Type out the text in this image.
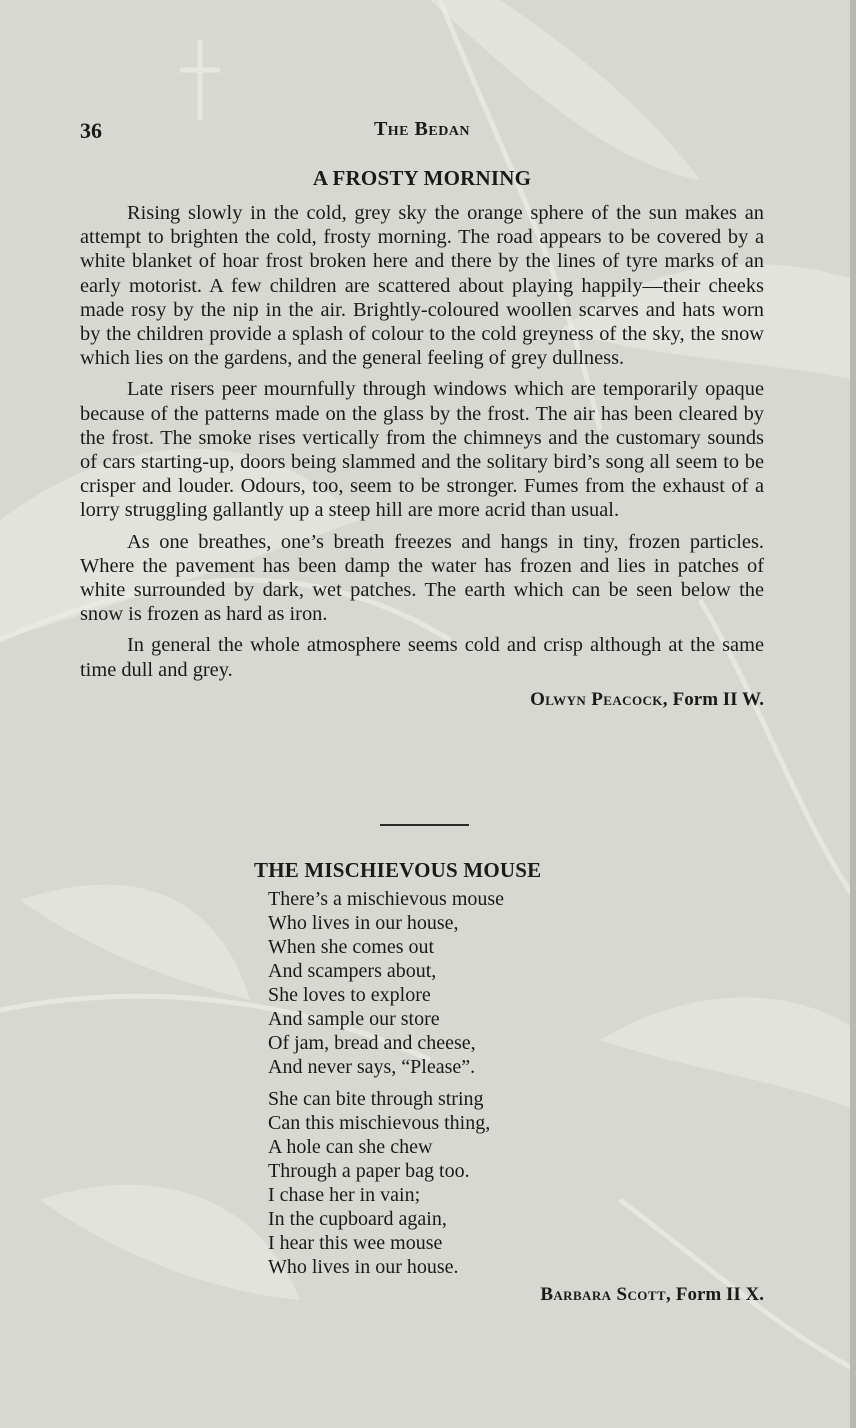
36	The Bedan
A FROSTY MORNING

Rising slowly in the cold, grey sky the orange sphere of the sun makes an attempt to brighten the cold, frosty morning. The road appears to be covered by a white blanket of hoar frost broken here and there by the lines of tyre marks of an early motorist. A few children are scattered about playing happily—their cheeks made rosy by the nip in the air. Brightly-coloured woollen scarves and hats worn by the children provide a splash of colour to the cold greyness of the sky, the snow which lies on the gardens, and the general feeling of grey dullness.

Late risers peer mournfully through windows which are temporarily opaque because of the patterns made on the glass by the frost. The air has been cleared by the frost. The smoke rises vertically from the chimneys and the customary sounds of cars starting-up, doors being slammed and the solitary bird’s song all seem to be crisper and louder. Odours, too, seem to be stronger. Fumes from the exhaust of a lorry struggling gallantly up a steep hill are more acrid than usual.

As one breathes, one’s breath freezes and hangs in tiny, frozen particles. Where the pavement has been damp the water has frozen and lies in patches of white surrounded by dark, wet patches. The earth which can be seen below the snow is frozen as hard as iron.

In general the whole atmosphere seems cold and crisp although at the same time dull and grey.

Olwyn Peacock, Form II W.
THE MISCHIEVOUS MOUSE
There’s a mischievous mouse
Who lives in our house,
When she comes out
And scampers about,
She loves to explore
And sample our store
Of jam, bread and cheese,
And never says, “Please”.
She can bite through string
Can this mischievous thing,
A hole can she chew
Through a paper bag too.
I chase her in vain;
In the cupboard again,
I hear this wee mouse
Who lives in our house.
Barbara Scott, Form II X.
